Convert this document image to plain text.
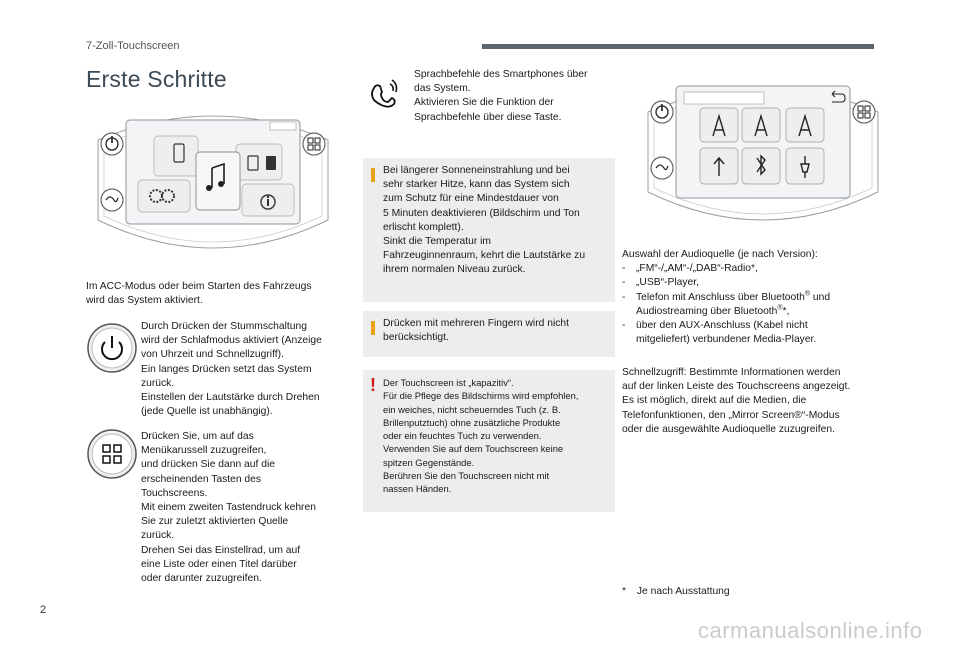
7-Zoll-Touchscreen
Erste Schritte
Im ACC-Modus oder beim Starten des Fahrzeugs
wird das System aktiviert.
Durch Drücken der Stummschaltung
wird der Schlafmodus aktiviert (Anzeige
von Uhrzeit und Schnellzugriff).
Ein langes Drücken setzt das System
zurück.
Einstellen der Lautstärke durch Drehen
(jede Quelle ist unabhängig).
Drücken Sie, um auf das
Menükarussell zuzugreifen,
und drücken Sie dann auf die
erscheinenden Tasten des
Touchscreens.
Mit einem zweiten Tastendruck kehren
Sie zur zuletzt aktivierten Quelle
zurück.
Drehen Sei das Einstellrad, um auf
eine Liste oder einen Titel darüber
oder darunter zuzugreifen.
Sprachbefehle des Smartphones über
das System.
Aktivieren Sie die Funktion der
Sprachbefehle über diese Taste.
Bei längerer Sonneneinstrahlung und bei
sehr starker Hitze, kann das System sich
zum Schutz für eine Mindestdauer von
5 Minuten deaktivieren (Bildschirm und Ton
erlischt komplett).
Sinkt die Temperatur im
Fahrzeuginnenraum, kehrt die Lautstärke zu
ihrem normalen Niveau zurück.
Drücken mit mehreren Fingern wird nicht
berücksichtigt.
! Der Touchscreen ist „kapazitiv“.
Für die Pflege des Bildschirms wird empfohlen,
ein weiches, nicht scheuerndes Tuch (z. B.
Brillenputztuch) ohne zusätzliche Produkte
oder ein feuchtes Tuch zu verwenden.
Verwenden Sie auf dem Touchscreen keine
spitzen Gegenstände.
Berühren Sie den Touchscreen nicht mit
nassen Händen.
Auswahl der Audioquelle (je nach Version):
-	„FM“-/„AM“-/„DAB“-Radio*,
-	„USB“-Player,
-	Telefon mit Anschluss über Bluetooth® und
Audiostreaming über Bluetooth®*,
-	über den AUX-Anschluss (Kabel nicht
mitgeliefert) verbundener Media-Player.
Schnellzugriff: Bestimmte Informationen werden
auf der linken Leiste des Touchscreens angezeigt.
Es ist möglich, direkt auf die Medien, die
Telefonfunktionen, den „Mirror Screen®“-Modus
oder die ausgewählte Audioquelle zuzugreifen.
* Je nach Ausstattung
2
carmanualsonline.info
